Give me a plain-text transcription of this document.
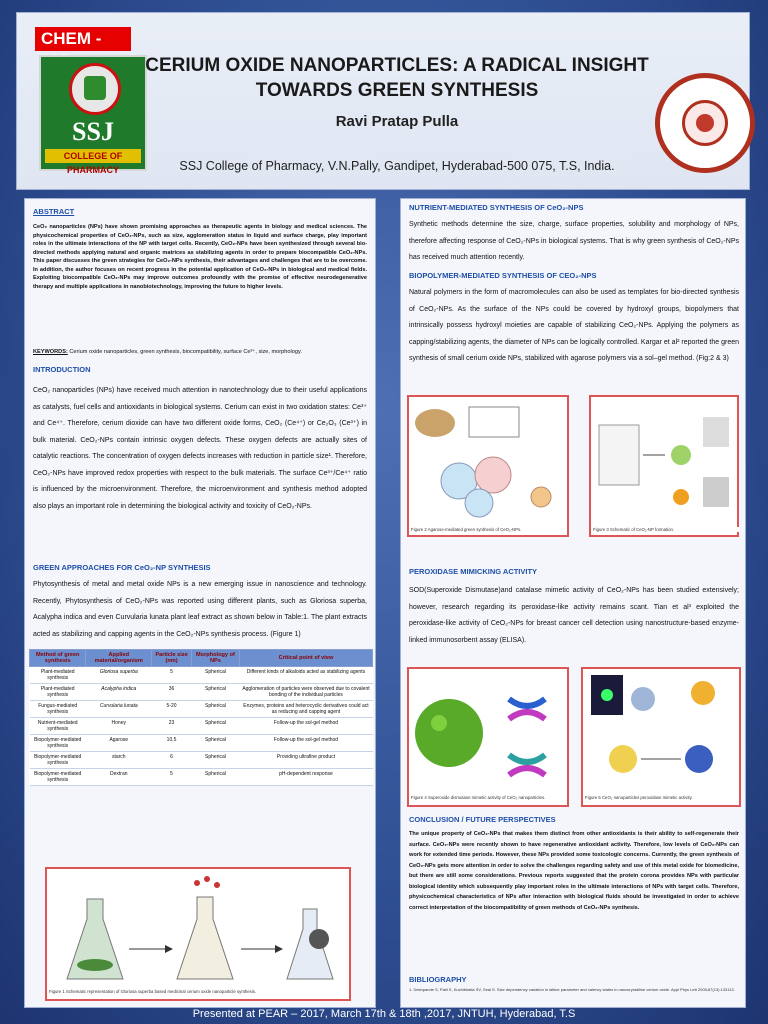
CHEM -
SSJ
COLLEGE OF PHARMACY
CERIUM OXIDE NANOPARTICLES: A RADICAL INSIGHT TOWARDS GREEN SYNTHESIS
Ravi Pratap Pulla
SSJ College of Pharmacy, V.N.Pally, Gandipet, Hyderabad-500 075, T.S, India.
ABSTRACT
CeO₂ nanoparticles (NPs) have shown promising approaches as therapeutic agents in biology and medical sciences. The physicochemical properties of CeO₂-NPs, such as size, agglomeration status in liquid and surface charge, play important roles in the ultimate interactions of the NP with target cells. Recently, CeO₂-NPs have been synthesized through several bio-directed methods applying natural and organic matrices as stabilizing agents in order to prepare biocompatible CeO₂-NPs. This paper discusses the green strategies for CeO₂-NPs synthesis, their advantages and challenges that are to be overcome. In addition, the author focuses on recent progress in the potential application of CeO₂-NPs in biological and medical fields. Exploiting biocompatible CeO₂-NPs may improve outcomes profoundly with the promise of effective neurodegenerative therapy and multiple applications in nanobiotechnology, improving the future to higher levels.
KEYWORDS: Cerium oxide nanoparticles, green synthesis, biocompatibility, surface Ce³⁺, size, morphology.
INTRODUCTION
CeO₂ nanoparticles (NPs) have received much attention in nanotechnology due to their useful applications as catalysts, fuel cells and antioxidants in biological systems. Cerium can exist in two oxidation states: Ce³⁺ and Ce⁴⁺. Therefore, cerium dioxide can have two different oxide forms, CeO₂ (Ce⁴⁺) or Ce₂O₃ (Ce³⁺) in bulk material. CeO₂-NPs contain intrinsic oxygen defects. These oxygen defects are actually sites of catalytic reactions. The concentration of oxygen defects increases with reduction in particle size¹. Therefore, CeO₂-NPs have improved redox properties with respect to the bulk materials. The surface Ce³⁺/Ce⁴⁺ ratio is influenced by the microenvironment. Therefore, the microenvironment and synthesis method adopted also plays an important role in determining the biological activity and toxicity of CeO₂-NPs.
GREEN APPROACHES FOR CeO₂-NP SYNTHESIS
Phytosynthesis of metal and metal oxide NPs is a new emerging issue in nanoscience and technology. Recently, Phytosynthesis of CeO₂-NPs was reported using different plants, such as Gloriosa superba, Acalypha indica and even Curvularia lunata plant leaf extract as shown below in Table:1. The plant extracts acted as stabilizing and capping agents in the CeO₂-NPs synthesis process. (Figure 1)
Method of green synthesis	Applied material/organism	Particle size (nm)	Morphology of NPs	Critical point of view
Plant-mediated synthesis	Gloriosa superba	5	Spherical	Different kinds of alkaloids acted as stabilizing agents
Plant-mediated synthesis	Acalypha indica	36	Spherical	Agglomeration of particles were observed due to covalent bonding of the individual particles
Fungus-mediated synthesis	Curvularia lunata	5-20	Spherical	Enzymes, proteins and heterocyclic derivatives could act as reducing and capping agent
Nutrient-mediated synthesis	Honey	23	Spherical	Follow-up the sol-gel method
Biopolymer-mediated synthesis	Agarose	10.5	Spherical	Follow-up the sol-gel method
Biopolymer-mediated synthesis	starch	6	Spherical	Providing ultrafine product
Biopolymer-mediated synthesis	Dextran	5	Spherical	pH-dependent response
Figure 1 Schematic representation of Gloriosa superba based medicinal cerium oxide nanoparticle synthesis.
NUTRIENT-MEDIATED SYNTHESIS OF CeO₂-NPS
Synthetic methods determine the size, charge, surface properties, solubility and morphology of NPs, therefore affecting response of CeO₂-NPs in biological systems. That is why green synthesis of CeO₂-NPs has received much attention recently.
BIOPOLYMER-MEDIATED SYNTHESIS OF CEO₂-NPS
Natural polymers in the form of macromolecules can also be used as templates for bio-directed synthesis of CeO₂-NPs. As the surface of the NPs could be covered by hydroxyl groups, biopolymers that intrinsically possess hydroxyl moieties are capable of stabilizing CeO₂-NPs. Applying the polymers as capping/stabilizing agents, the diameter of NPs can be logically controlled. Kargar et al² reported the green synthesis of small cerium oxide NPs, stabilized with agarose polymers via a sol–gel method. (Fig:2 & 3)
Figure 2 Agarose-mediated green synthesis of CeO₂-NPs.	Figure 3 Schematic of CeO₂-NP formation.
PEROXIDASE MIMICKING ACTIVITY
SOD(Superoxide Dismutase)and catalase mimetic activity of CeO₂-NPs has been studied extensively; however, research regarding its peroxidase-like activity remains scant. Tian et al³ exploited the peroxidase-like activity of CeO₂-NPs for breast cancer cell detection using nanostructure-based enzyme-linked immunosorbent assay (ELISA).
Figure 4 Superoxide dismutase mimetic activity of CeO₂ nanoparticles.	Figure 5 CeO₂ nanoparticles peroxidase mimetic activity.
CONCLUSION / FUTURE PERSPECTIVES
The unique property of CeO₂-NPs that makes them distinct from other antioxidants is their ability to self-regenerate their surface. CeO₂-NPs were recently shown to have regenerative antioxidant activity. Therefore, low levels of CeO₂-NPs can work for extended time periods. However, these NPs provided some toxicologic concerns. Currently, the green synthesis of CeO₂-NPs gets more attention in order to solve the challenges regarding safety and use of this metal oxide for biomedicine, but there are still some considerations. Previous reports suggested that the protein corona provides NPs with particular biological identity which subsequently play important roles in the ultimate interactions of NPs with target cells. Therefore, physicochemical characteristics of NPs after interaction with biological fluids should be investigated in order to achieve correct interpretation of the biocompatibility of green methods of CeO₂-NPs synthesis.
BIBLIOGRAPHY
1. Deshpande S, Patil S, Kuchibhatla SV, Seal S. Size dependency variation in lattice parameter and valency states in nanocrystalline cerium oxide. Appl Phys Lett 2005;87(13):133113.
Presented at PEAR – 2017, March 17th & 18th ,2017, JNTUH, Hyderabad, T.S
